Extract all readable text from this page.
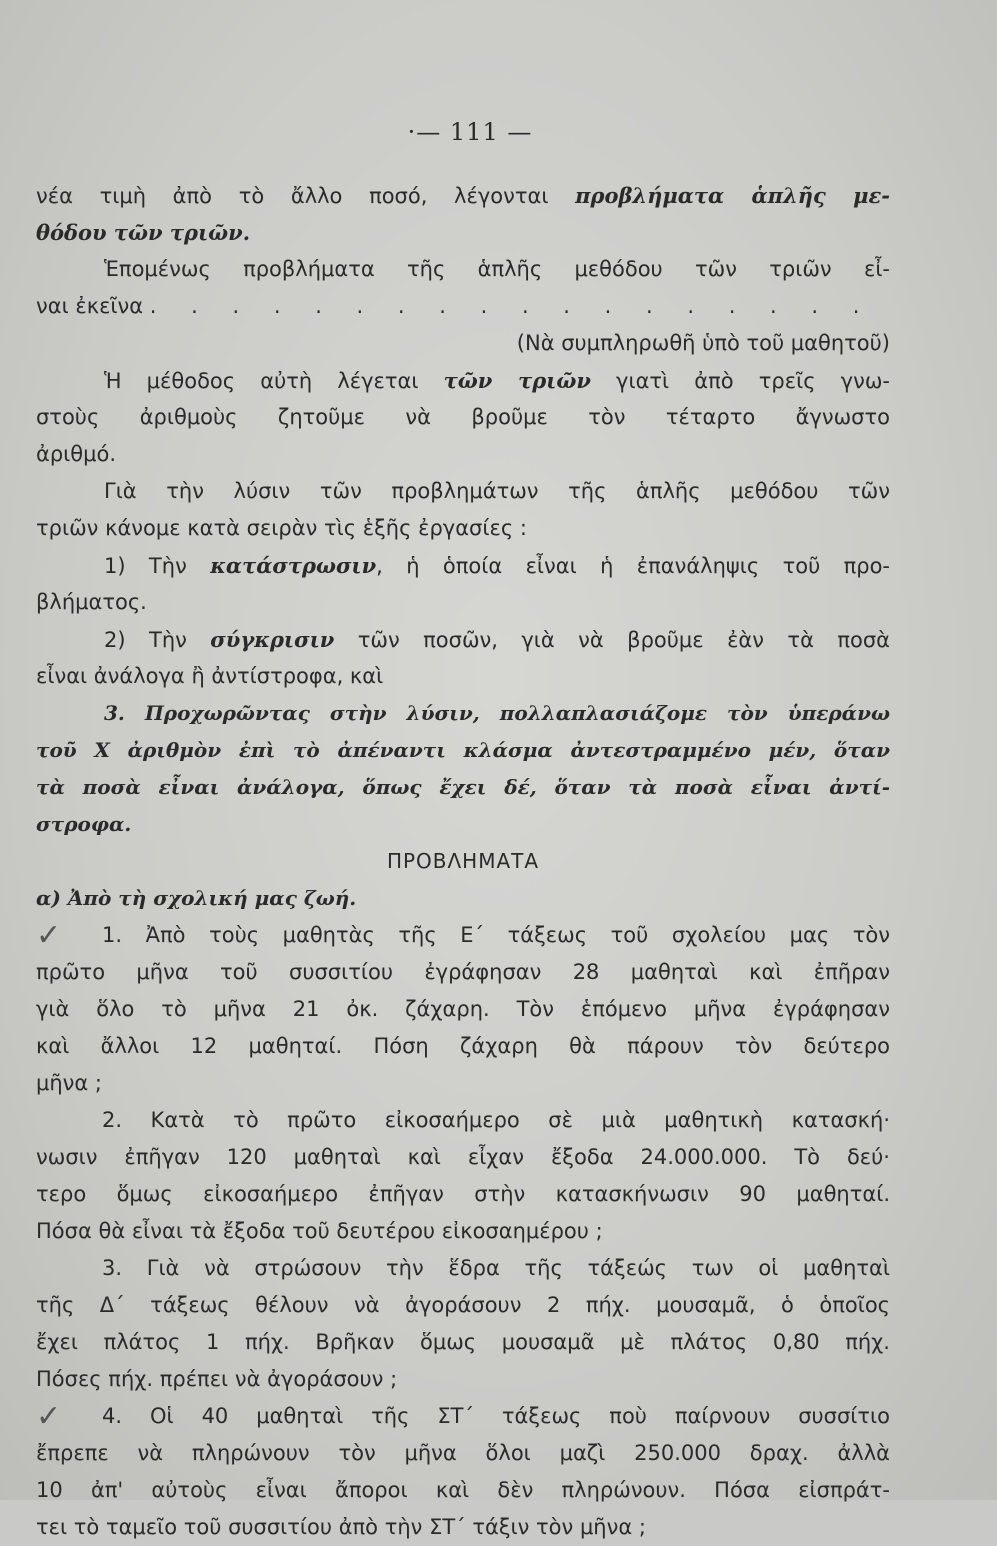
·— 111 —
νέα τιμὴ ἀπὸ τὸ ἄλλο ποσό, λέγονται προβλήματα ἁπλῆς με-
θόδου τῶν τριῶν.
Ἑπομένως προβλήματα τῆς ἁπλῆς μεθόδου τῶν τριῶν εἶ-
ναι ἐκεῖνα . . . . . . . . . . . . . . . . . .
(Νὰ συμπληρωθῆ ὑπὸ τοῦ μαθητοῦ)
Ἡ μέθοδος αὐτὴ λέγεται τῶν τριῶν γιατὶ ἀπὸ τρεῖς γνω-
στοὺς ἀριθμοὺς ζητοῦμε νὰ βροῦμε τὸν τέταρτο ἄγνωστο
ἀριθμό.
Γιὰ τὴν λύσιν τῶν προβλημάτων τῆς ἁπλῆς μεθόδου τῶν
τριῶν κάνομε κατὰ σειρὰν τὶς ἑξῆς ἐργασίες :
1) Τὴν κατάστρωσιν, ἡ ὁποία εἶναι ἡ ἐπανάληψις τοῦ προ-
βλήματος.
2) Τὴν σύγκρισιν τῶν ποσῶν, γιὰ νὰ βροῦμε ἐὰν τὰ ποσὰ
εἶναι ἀνάλογα ἢ ἀντίστροφα, καὶ
3. Προχωρῶντας στὴν λύσιν, πολλαπλασιάζομε τὸν ὑπεράνω
τοῦ X ἀριθμὸν ἐπὶ τὸ ἀπέναντι κλάσμα ἀντεστραμμένο μέν, ὅταν
τὰ ποσὰ εἶναι ἀνάλογα, ὅπως ἔχει δέ, ὅταν τὰ ποσὰ εἶναι ἀντί-
στροφα.
ΠΡΟΒΛΗΜΑΤΑ
α) Ἀπὸ τὴ σχολική μας ζωή.
✓	1. Ἀπὸ τοὺς μαθητὰς τῆς Ε΄ τάξεως τοῦ σχολείου μας τὸν
πρῶτο μῆνα τοῦ συσσιτίου ἐγράφησαν 28 μαθηταὶ καὶ ἐπῆραν
γιὰ ὅλο τὸ μῆνα 21 ὀκ. ζάχαρη. Τὸν ἑπόμενο μῆνα ἐγράφησαν
καὶ ἄλλοι 12 μαθηταί. Πόση ζάχαρη θὰ πάρουν τὸν δεύτερο
μῆνα ;
2. Κατὰ τὸ πρῶτο εἰκοσαήμερο σὲ μιὰ μαθητικὴ κατασκή·
νωσιν ἐπῆγαν 120 μαθηταὶ καὶ εἶχαν ἔξοδα 24.000.000. Τὸ δεύ·
τερο ὅμως εἰκοσαήμερο ἐπῆγαν στὴν κατασκήνωσιν 90 μαθηταί.
Πόσα θὰ εἶναι τὰ ἔξοδα τοῦ δευτέρου εἰκοσαημέρου ;
3. Γιὰ νὰ στρώσουν τὴν ἕδρα τῆς τάξεώς των οἱ μαθηταὶ
τῆς Δ΄ τάξεως θέλουν νὰ ἀγοράσουν 2 πήχ. μουσαμᾶ, ὁ ὁποῖος
ἔχει πλάτος 1 πήχ. Βρῆκαν ὅμως μουσαμᾶ μὲ πλάτος 0,80 πήχ.
Πόσες πήχ. πρέπει νὰ ἀγοράσουν ;
✓	4. Οἱ 40 μαθηταὶ τῆς ΣΤ΄ τάξεως ποὺ παίρνουν συσσίτιο
ἔπρεπε νὰ πληρώνουν τὸν μῆνα ὅλοι μαζὶ 250.000 δραχ. ἀλλὰ
10 ἀπ' αὐτοὺς εἶναι ἄποροι καὶ δὲν πληρώνουν. Πόσα εἰσπράτ-
τει τὸ ταμεῖο τοῦ συσσιτίου ἀπὸ τὴν ΣΤ΄ τάξιν τὸν μῆνα ;
